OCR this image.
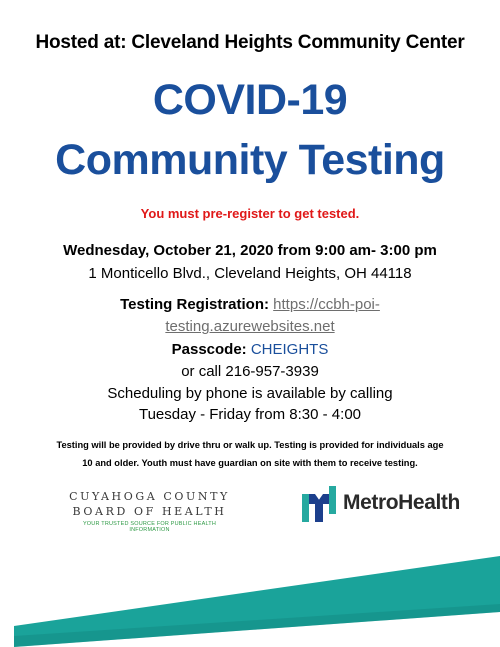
Hosted at: Cleveland Heights Community Center
COVID-19
Community Testing
You must pre-register to get tested.
Wednesday, October 21, 2020 from 9:00 am- 3:00 pm
1 Monticello Blvd., Cleveland Heights, OH 44118
Testing Registration: https://ccbh-poi-
testing.azurewebsites.net
Passcode: CHEIGHTS
or call 216-957-3939
Scheduling by phone is available by calling
Tuesday - Friday from 8:30 - 4:00
Testing will be provided by drive thru or walk up. Testing is provided for individuals age
10 and older. Youth must have guardian on site with them to receive testing.
CUYAHOGA COUNTY
BOARD OF HEALTH
YOUR TRUSTED SOURCE FOR PUBLIC HEALTH INFORMATION
MetroHealth
